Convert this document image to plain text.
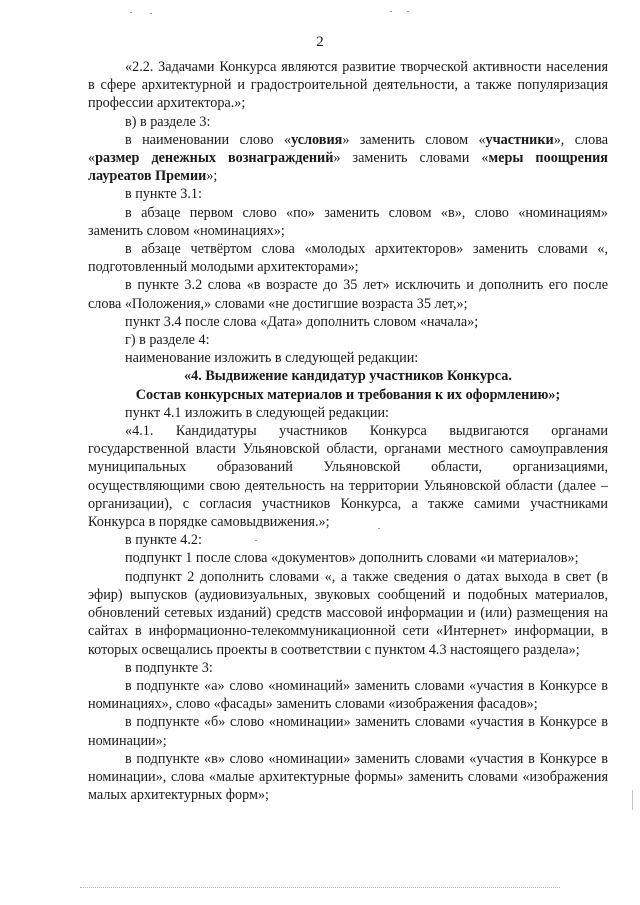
2

«2.2. Задачами Конкурса являются развитие творческой активности населения в сфере архитектурной и градостроительной деятельности, а также популяризация профессии архитектора.»;

в) в разделе 3:

в наименовании слово «условия» заменить словом «участники», слова «размер денежных вознаграждений» заменить словами «меры поощрения лауреатов Премии»;

в пункте 3.1:

в абзаце первом слово «по» заменить словом «в», слово «номинациям» заменить словом «номинациях»;

в абзаце четвёртом слова «молодых архитекторов» заменить словами «, подготовленный молодыми архитекторами»;

в пункте 3.2 слова «в возрасте до 35 лет» исключить и дополнить его после слова «Положения,» словами «не достигшие возраста 35 лет,»;

пункт 3.4 после слова «Дата» дополнить словом «начала»;

г) в разделе 4:

наименование изложить в следующей редакции:

«4. Выдвижение кандидатур участников Конкурса.

Состав конкурсных материалов и требования к их оформлению»;

пункт 4.1 изложить в следующей редакции:

«4.1. Кандидатуры участников Конкурса выдвигаются органами государственной власти Ульяновской области, органами местного самоуправления муниципальных образований Ульяновской области, организациями, осуществляющими свою деятельность на территории Ульяновской области (далее – организации), с согласия участников Конкурса, а также самими участниками Конкурса в порядке самовыдвижения.»;

в пункте 4.2:

подпункт 1 после слова «документов» дополнить словами «и материалов»;

подпункт 2 дополнить словами «, а также сведения о датах выхода в свет (в эфир) выпусков (аудиовизуальных, звуковых сообщений и подобных материалов, обновлений сетевых изданий) средств массовой информации и (или) размещения на сайтах в информационно-телекоммуникационной сети «Интернет» информации, в которых освещались проекты в соответствии с пунктом 4.3 настоящего раздела»;

в подпункте 3:

в подпункте «а» слово «номинаций» заменить словами «участия в Конкурсе в номинациях», слово «фасады» заменить словами «изображения фасадов»;

в подпункте «б» слово «номинации» заменить словами «участия в Конкурсе в номинации»;

в подпункте «в» слово «номинации» заменить словами «участия в Конкурсе в номинации», слова «малые архитектурные формы» заменить словами «изображения малых архитектурных форм»;
